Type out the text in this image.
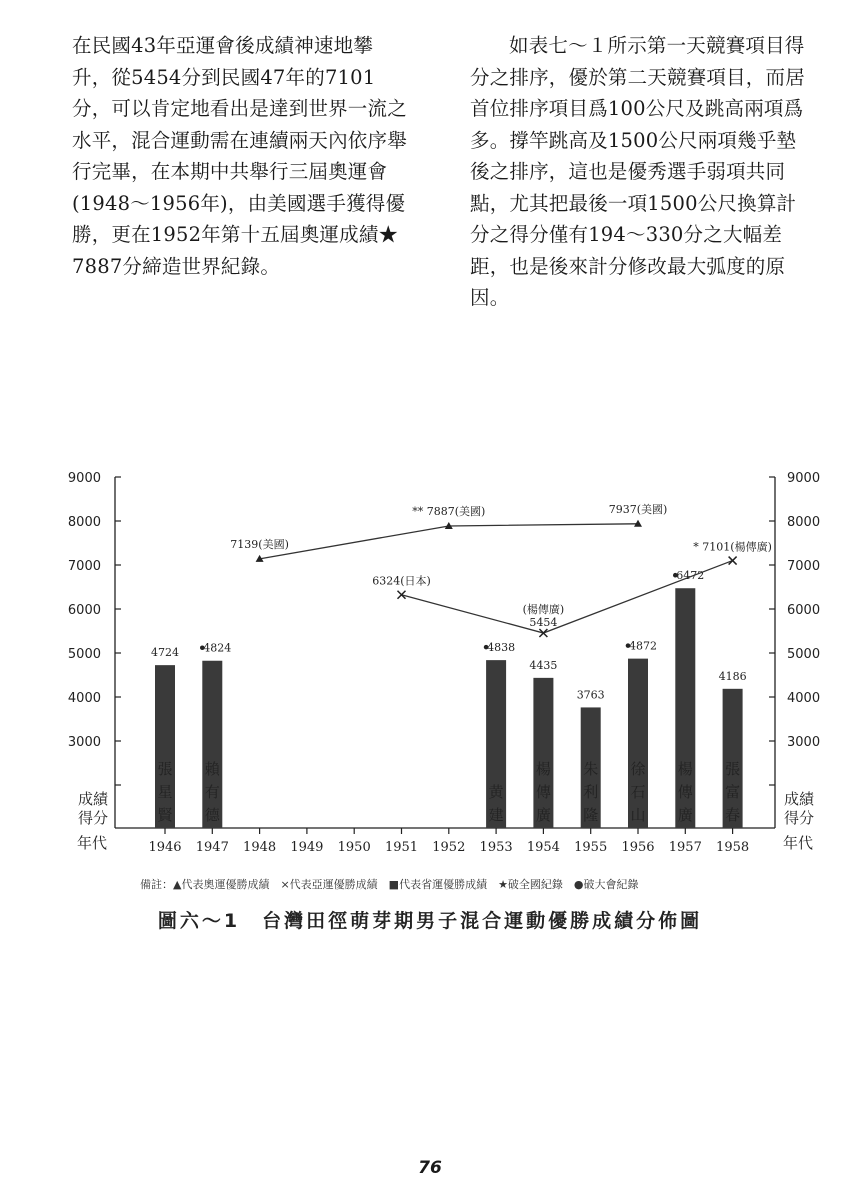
在民國43年亞運會後成績神速地攀升，從5454分到民國47年的7101分，可以肯定地看出是達到世界一流之水平，混合運動需在連續兩天內依序舉行完畢，在本期中共舉行三屆奧運會(1948～1956年)，由美國選手獲得優勝，更在1952年第十五屆奧運成績★ 7887分締造世界紀錄。

如表七～１所示第一天競賽項目得分之排序，優於第二天競賽項目，而居首位排序項目爲100公尺及跳高兩項爲多。撐竿跳高及1500公尺兩項幾乎墊後之排序，這也是優秀選手弱項共同點，尤其把最後一項1500公尺換算計分之得分僅有194～330分之大幅差距，也是後來計分修改最大弧度的原因。

9000	9000
8000	8000
7000	7000
6000	6000
5000	5000
4000	4000
3000	3000
成績
得分
成績
得分
年代	年代
1946 1947 1948 1949 1950 1951 1952 1953 1954 1955 1956 1957 1958
4724
張
星
賢
4824
賴
有
德
4838
黄
建
4435
楊
傳
廣
3763
朱
利
隆
4872
徐
石
山
6472
楊
傳
廣
4186
張
富
春
7139(美國)
** 7887(美國)	7937(美國)
6324(日本)
(楊傳廣)
5454
* 7101(楊傳廣)
備註：▲代表奧運優勝成績　×代表亞運優勝成績　■代表省運優勝成績　★破全國紀錄　●破大會紀錄
圖六～1　台灣田徑萌芽期男子混合運動優勝成績分佈圖
76
